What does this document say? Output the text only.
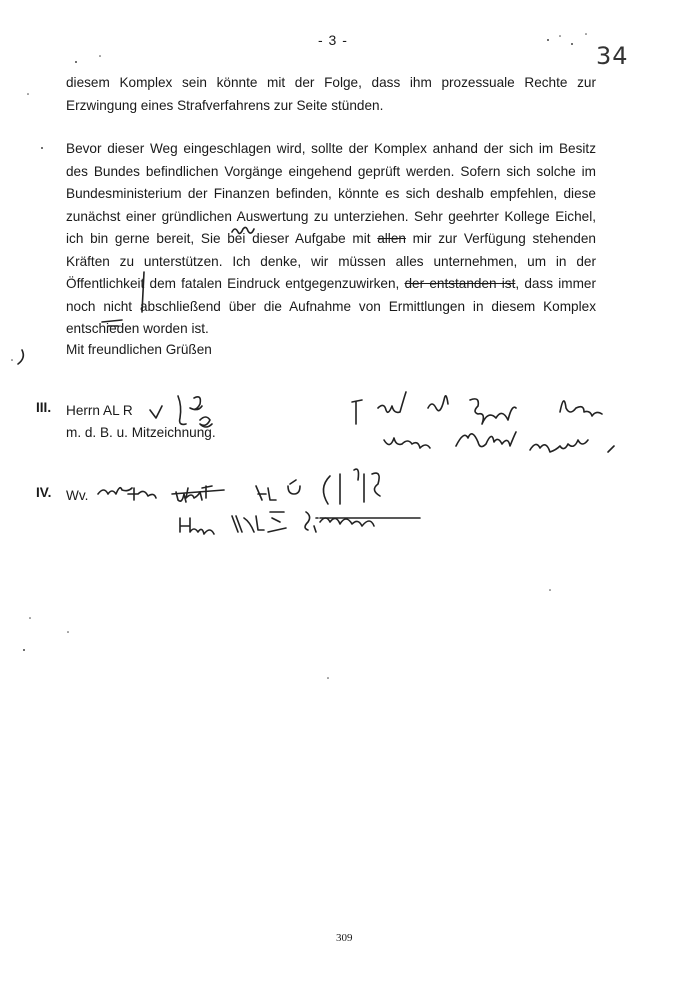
- 3 -
34
diesem Komplex sein könnte mit der Folge, dass ihm prozessuale Rechte zur Erzwingung eines Strafverfahrens zur Seite stünden.
Bevor dieser Weg eingeschlagen wird, sollte der Komplex anhand der sich im Besitz des Bundes befindlichen Vorgänge eingehend geprüft werden. Sofern sich solche im Bundesministerium der Finanzen befinden, könnte es sich deshalb empfehlen, diese zunächst einer gründlichen Auswertung zu unterziehen. Sehr geehrter Kollege Eichel, ich bin gerne bereit, Sie bei dieser Aufgabe mit allen mir zur Verfügung stehenden Kräften zu unterstützen. Ich denke, wir müssen alles unternehmen, um in der Öffentlichkeit dem fatalen Eindruck entgegenzuwirken, der entstanden ist, dass immer noch nicht abschließend über die Aufnahme von Ermittlungen in diesem Komplex entschieden worden ist.
Mit freundlichen Grüßen
III. Herrn AL R
m. d. B. u. Mitzeichnung.
IV. Wv.
309
